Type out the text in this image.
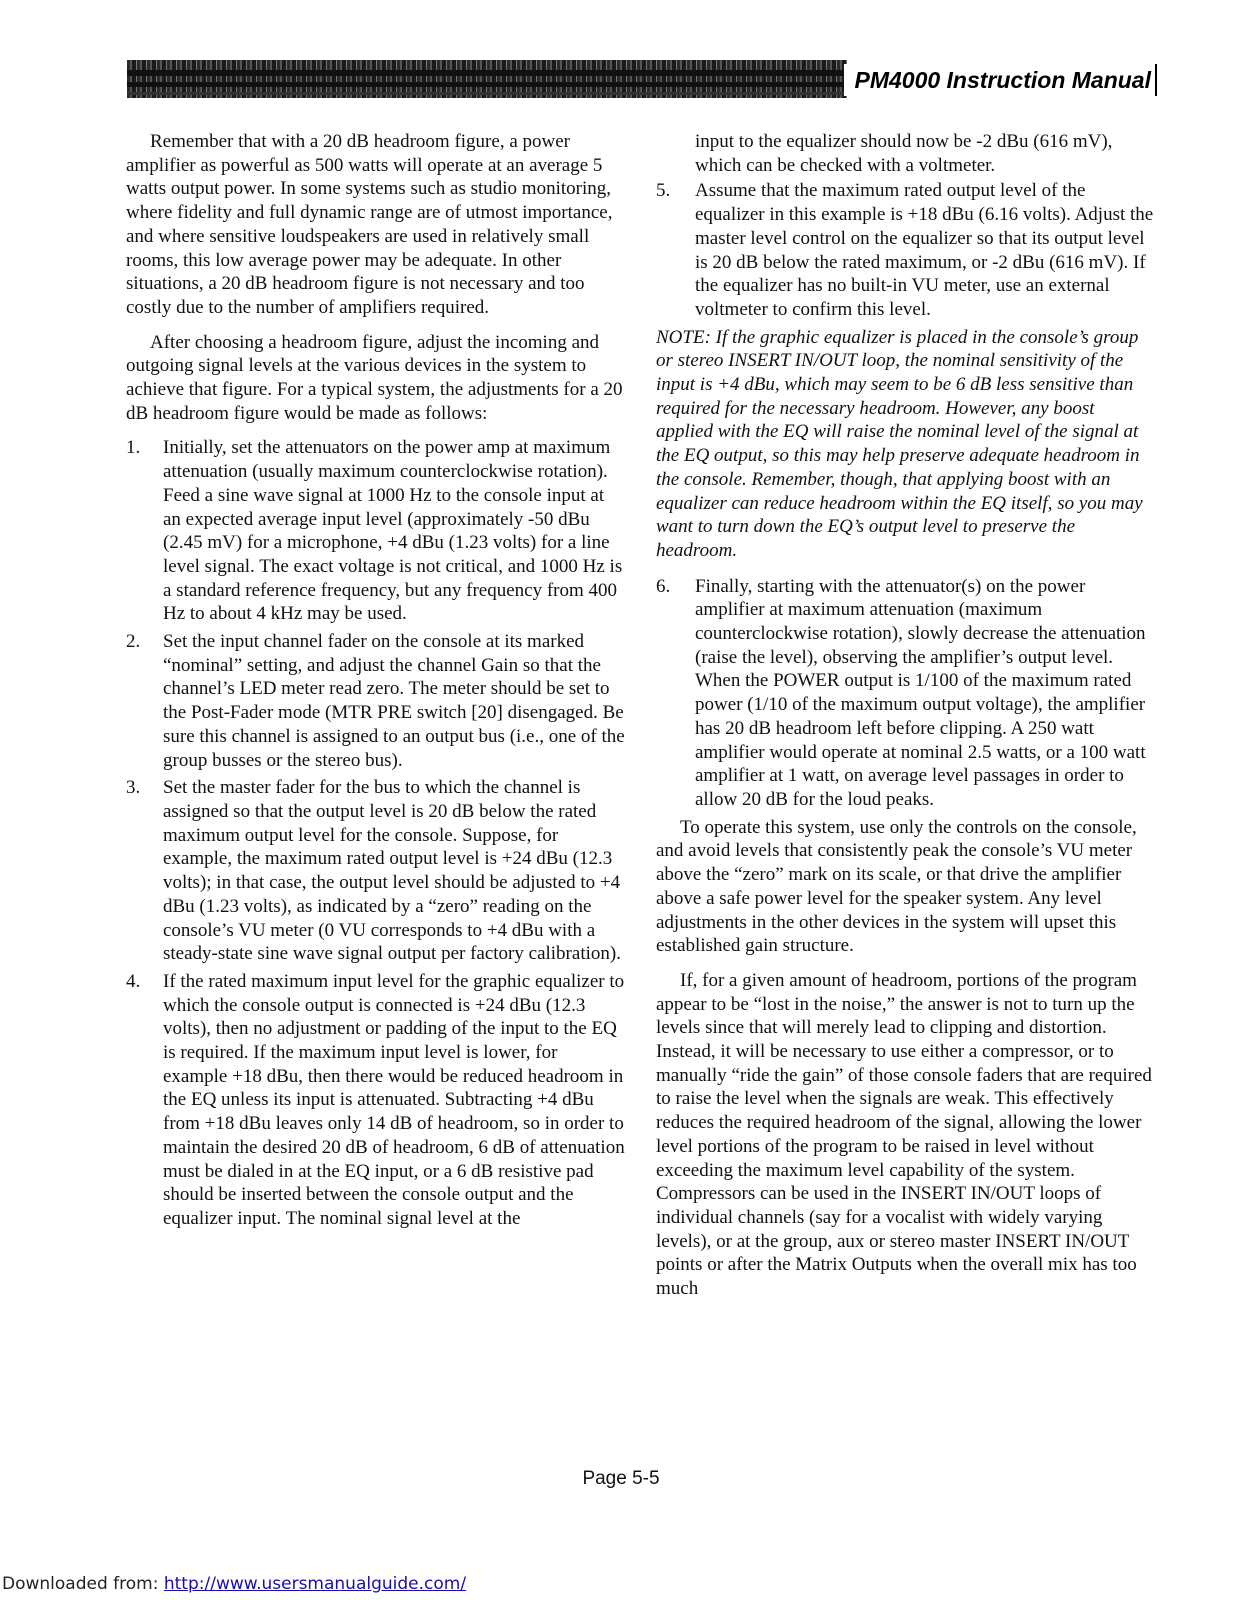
PM4000 Instruction Manual

Remember that with a 20 dB headroom figure, a power amplifier as powerful as 500 watts will operate at an average 5 watts output power. In some systems such as studio monitoring, where fidelity and full dynamic range are of utmost importance, and where sensitive loudspeakers are used in relatively small rooms, this low average power may be adequate. In other situations, a 20 dB headroom figure is not necessary and too costly due to the number of amplifiers required.

After choosing a headroom figure, adjust the incoming and outgoing signal levels at the various devices in the system to achieve that figure. For a typical system, the adjustments for a 20 dB headroom figure would be made as follows:

1. Initially, set the attenuators on the power amp at maximum attenuation (usually maximum counterclockwise rotation). Feed a sine wave signal at 1000 Hz to the console input at an expected average input level (approximately -50 dBu (2.45 mV) for a microphone, +4 dBu (1.23 volts) for a line level signal. The exact voltage is not critical, and 1000 Hz is a standard reference frequency, but any frequency from 400 Hz to about 4 kHz may be used.
2. Set the input channel fader on the console at its marked “nominal” setting, and adjust the channel Gain so that the channel’s LED meter read zero. The meter should be set to the Post-Fader mode (MTR PRE switch [20] disengaged. Be sure this channel is assigned to an output bus (i.e., one of the group busses or the stereo bus).
3. Set the master fader for the bus to which the channel is assigned so that the output level is 20 dB below the rated maximum output level for the console. Suppose, for example, the maximum rated output level is +24 dBu (12.3 volts); in that case, the output level should be adjusted to +4 dBu (1.23 volts), as indicated by a “zero” reading on the console’s VU meter (0 VU corresponds to +4 dBu with a steady-state sine wave signal output per factory calibration).
4. If the rated maximum input level for the graphic equalizer to which the console output is connected is +24 dBu (12.3 volts), then no adjustment or padding of the input to the EQ is required. If the maximum input level is lower, for example +18 dBu, then there would be reduced headroom in the EQ unless its input is attenuated. Subtracting +4 dBu from +18 dBu leaves only 14 dB of headroom, so in order to maintain the desired 20 dB of headroom, 6 dB of attenuation must be dialed in at the EQ input, or a 6 dB resistive pad should be inserted between the console output and the equalizer input. The nominal signal level at the
input to the equalizer should now be -2 dBu (616 mV), which can be checked with a voltmeter.
5. Assume that the maximum rated output level of the equalizer in this example is +18 dBu (6.16 volts). Adjust the master level control on the equalizer so that its output level is 20 dB below the rated maximum, or -2 dBu (616 mV). If the equalizer has no built-in VU meter, use an external voltmeter to confirm this level.

NOTE: If the graphic equalizer is placed in the console’s group or stereo INSERT IN/OUT loop, the nominal sensitivity of the input is +4 dBu, which may seem to be 6 dB less sensitive than required for the necessary headroom. However, any boost applied with the EQ will raise the nominal level of the signal at the EQ output, so this may help preserve adequate headroom in the console. Remember, though, that applying boost with an equalizer can reduce headroom within the EQ itself, so you may want to turn down the EQ’s output level to preserve the headroom.

6. Finally, starting with the attenuator(s) on the power amplifier at maximum attenuation (maximum counterclockwise rotation), slowly decrease the attenuation (raise the level), observing the amplifier’s output level. When the POWER output is 1/100 of the maximum rated power (1/10 of the maximum output voltage), the amplifier has 20 dB headroom left before clipping. A 250 watt amplifier would operate at nominal 2.5 watts, or a 100 watt amplifier at 1 watt, on average level passages in order to allow 20 dB for the loud peaks.

To operate this system, use only the controls on the console, and avoid levels that consistently peak the console’s VU meter above the “zero” mark on its scale, or that drive the amplifier above a safe power level for the speaker system. Any level adjustments in the other devices in the system will upset this established gain structure.

If, for a given amount of headroom, portions of the program appear to be “lost in the noise,” the answer is not to turn up the levels since that will merely lead to clipping and distortion. Instead, it will be necessary to use either a compressor, or to manually “ride the gain” of those console faders that are required to raise the level when the signals are weak. This effectively reduces the required headroom of the signal, allowing the lower level portions of the program to be raised in level without exceeding the maximum level capability of the system. Compressors can be used in the INSERT IN/OUT loops of individual channels (say for a vocalist with widely varying levels), or at the group, aux or stereo master INSERT IN/OUT points or after the Matrix Outputs when the overall mix has too much

Page 5-5
Downloaded from: http://www.usersmanualguide.com/
